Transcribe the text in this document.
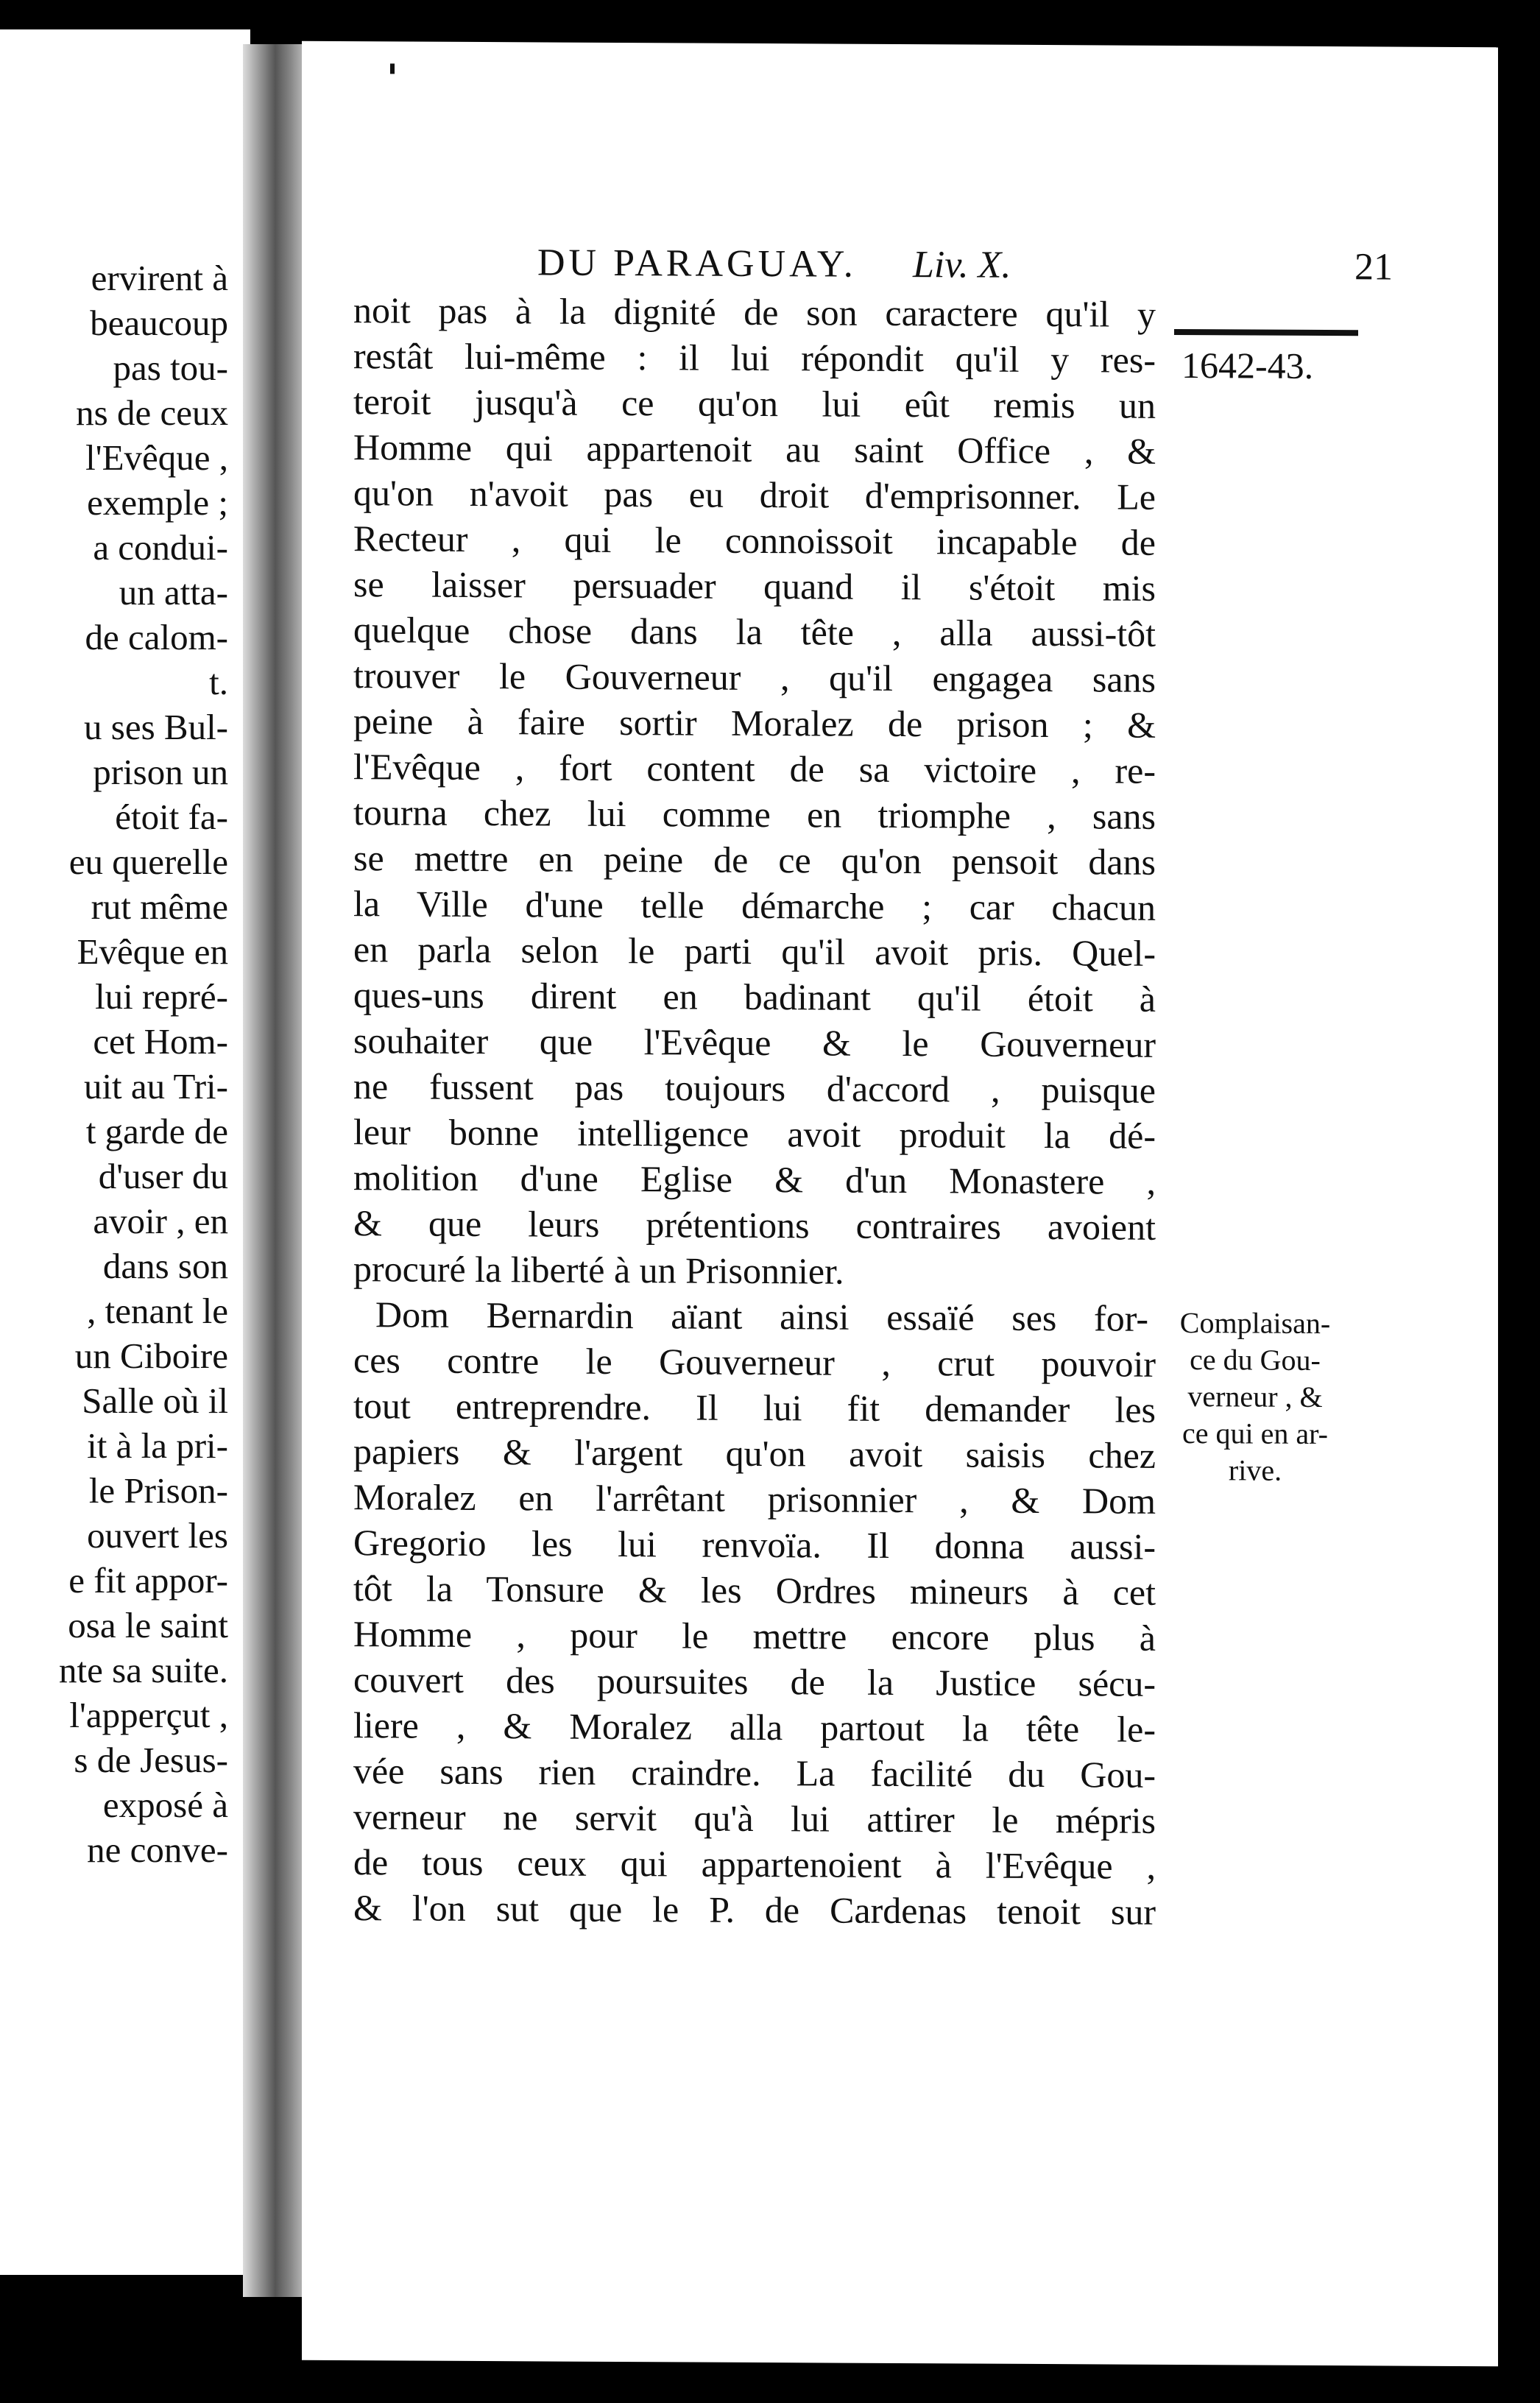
ervirent à
beaucoup
pas tou-
ns de ceux
l'Evêque ,
exemple ;
a condui-
un atta-
de calom-
t.
u ses Bul-
prison un
étoit fa-
eu querelle
rut même
Evêque en
lui repré-
cet Hom-
uit au Tri-
t garde de
d'user du
avoir , en
dans son
, tenant le
un Ciboire
Salle où il
it à la pri-
le Prison-
ouvert les
e fit appor-
osa le saint
nte sa suite.
l'apperçut ,
s de Jesus-
exposé à
ne conve-
DU PARAGUAY. Liv. X.	21
1642-43.
noit pas à la dignité de son caractere qu'il y
restât lui-même : il lui répondit qu'il y res-
teroit jusqu'à ce qu'on lui eût remis un
Homme qui appartenoit au saint Office , &
qu'on n'avoit pas eu droit d'emprisonner. Le
Recteur , qui le connoissoit incapable de
se laisser persuader quand il s'étoit mis
quelque chose dans la tête , alla aussi-tôt
trouver le Gouverneur , qu'il engagea sans
peine à faire sortir Moralez de prison ; &
l'Evêque , fort content de sa victoire , re-
tourna chez lui comme en triomphe , sans
se mettre en peine de ce qu'on pensoit dans
la Ville d'une telle démarche ; car chacun
en parla selon le parti qu'il avoit pris. Quel-
ques-uns dirent en badinant qu'il étoit à
souhaiter que l'Evêque & le Gouverneur
ne fussent pas toujours d'accord , puisque
leur bonne intelligence avoit produit la dé-
molition d'une Eglise & d'un Monastere ,
& que leurs prétentions contraires avoient
procuré la liberté à un Prisonnier.
Dom Bernardin aïant ainsi essaïé ses for-
ces contre le Gouverneur , crut pouvoir
tout entreprendre. Il lui fit demander les
papiers & l'argent qu'on avoit saisis chez
Moralez en l'arrêtant prisonnier , & Dom
Gregorio les lui renvoïa. Il donna aussi-
tôt la Tonsure & les Ordres mineurs à cet
Homme , pour le mettre encore plus à
couvert des poursuites de la Justice sécu-
liere , & Moralez alla partout la tête le-
vée sans rien craindre. La facilité du Gou-
verneur ne servit qu'à lui attirer le mépris
de tous ceux qui appartenoient à l'Evêque ,
& l'on sut que le P. de Cardenas tenoit sur
Complaisan-
ce du Gou-
verneur , &
ce qui en ar-
rive.
